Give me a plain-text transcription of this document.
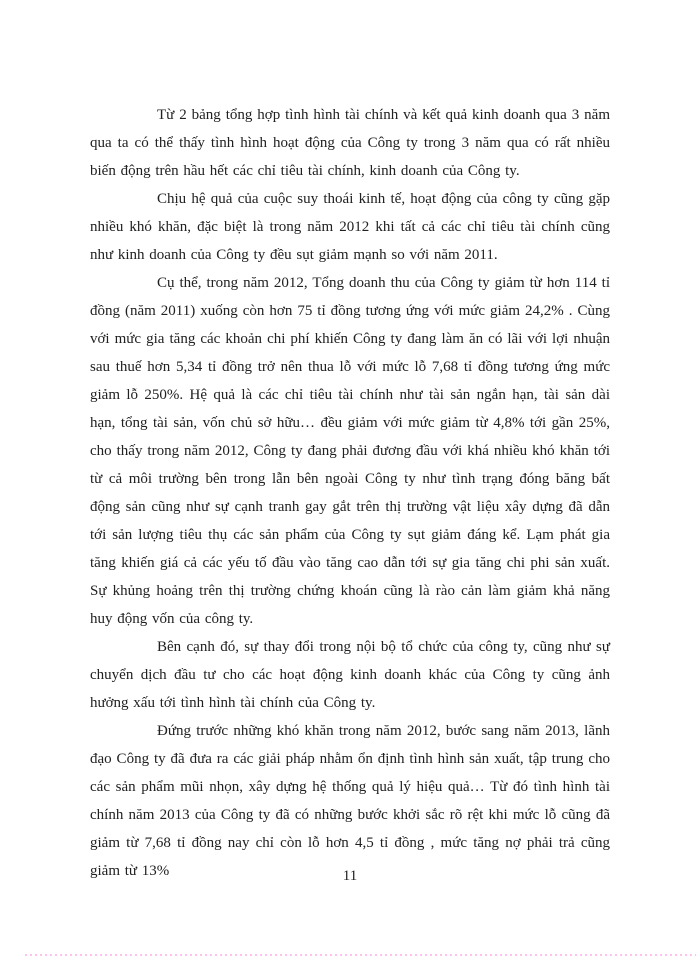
Từ 2 bảng tổng hợp tình hình tài chính và kết quả kinh doanh qua 3 năm qua ta có thể thấy tình hình hoạt động của Công ty trong 3 năm qua có rất nhiều biến động trên hầu hết các chỉ tiêu tài chính, kinh doanh của Công ty.

Chịu hệ quả của cuộc suy thoái kinh tế, hoạt động của công ty cũng gặp nhiều khó khăn, đặc biệt là trong năm 2012 khi tất cả các chỉ tiêu tài chính cũng như kinh doanh của Công ty đều sụt giảm mạnh so với năm 2011.

Cụ thể, trong năm 2012, Tổng doanh thu của Công ty giảm từ hơn 114 tỉ đồng (năm 2011) xuống còn hơn 75 tỉ đồng tương ứng với mức giảm 24,2% . Cùng với mức gia tăng các khoản chi phí khiến Công ty đang làm ăn có lãi với lợi nhuận sau thuế hơn 5,34 tỉ đồng trở nên thua lỗ với mức lỗ 7,68 tỉ đồng tương ứng mức giảm lỗ 250%. Hệ quả là các chỉ tiêu tài chính như tài sản ngắn hạn, tài sản dài hạn, tổng tài sản, vốn chủ sở hữu… đều giảm với mức giảm từ 4,8% tới gần 25%, cho thấy trong năm 2012, Công ty đang phải đương đầu với khá nhiều khó khăn tới từ cả môi trường bên trong lẫn bên ngoài Công ty như tình trạng đóng băng bất động sản cũng như sự cạnh tranh gay gắt trên thị trường vật liệu xây dựng đã dẫn tới sản lượng tiêu thụ các sản phẩm của Công ty sụt giảm đáng kể. Lạm phát gia tăng khiến giá cả các yếu tố đầu vào tăng cao dẫn tới sự gia tăng chi phi sản xuất. Sự khủng hoảng trên thị trường chứng khoán cũng là rào cản làm giảm khả năng huy động vốn của công ty.

Bên cạnh đó, sự thay đổi trong nội bộ tổ chức của công ty, cũng như sự chuyển dịch đầu tư cho các hoạt động kinh doanh khác của Công ty cũng ảnh hưởng xấu tới tình hình tài chính của Công ty.

Đứng trước những khó khăn trong năm 2012, bước sang năm 2013, lãnh đạo Công ty đã đưa ra các giải pháp nhằm ổn định tình hình sản xuất, tập trung cho các sản phẩm mũi nhọn, xây dựng hệ thống quả lý hiệu quả… Từ đó tình hình tài chính năm 2013 của Công ty đã có những bước khởi sắc rõ rệt khi mức lỗ cũng đã giảm từ 7,68 tỉ đồng nay chỉ còn lỗ hơn 4,5 tỉ đồng , mức tăng nợ phải trả cũng giảm từ 13%	11
